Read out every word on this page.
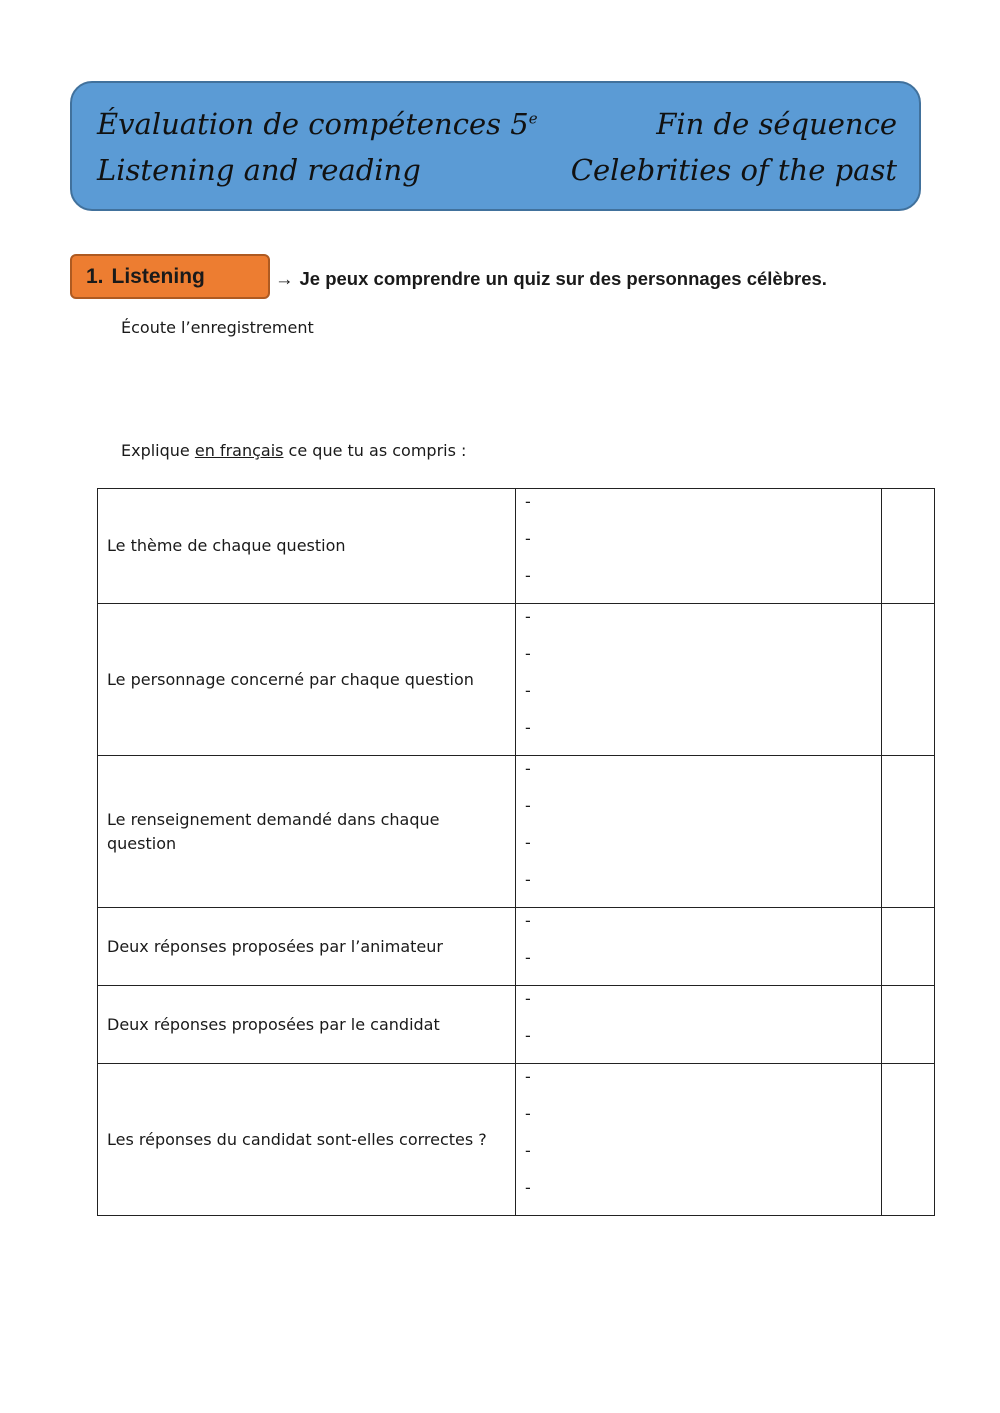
Évaluation de compétences 5e	Fin de séquence
Listening and reading	Celebrities of the past
1. Listening	→ Je peux comprendre un quiz sur des personnages célèbres.
Écoute l’enregistrement
Explique en français ce que tu as compris :
Le thème de chaque question	-
-
-	

Le personnage concerné par chaque question	-
-
-
-	

Le renseignement demandé dans chaque question	-
-
-
-	

Deux réponses proposées par l’animateur	-
-	

Deux réponses proposées par le candidat	-
-	

Les réponses du candidat sont-elles correctes ?	-
-
-
-	
